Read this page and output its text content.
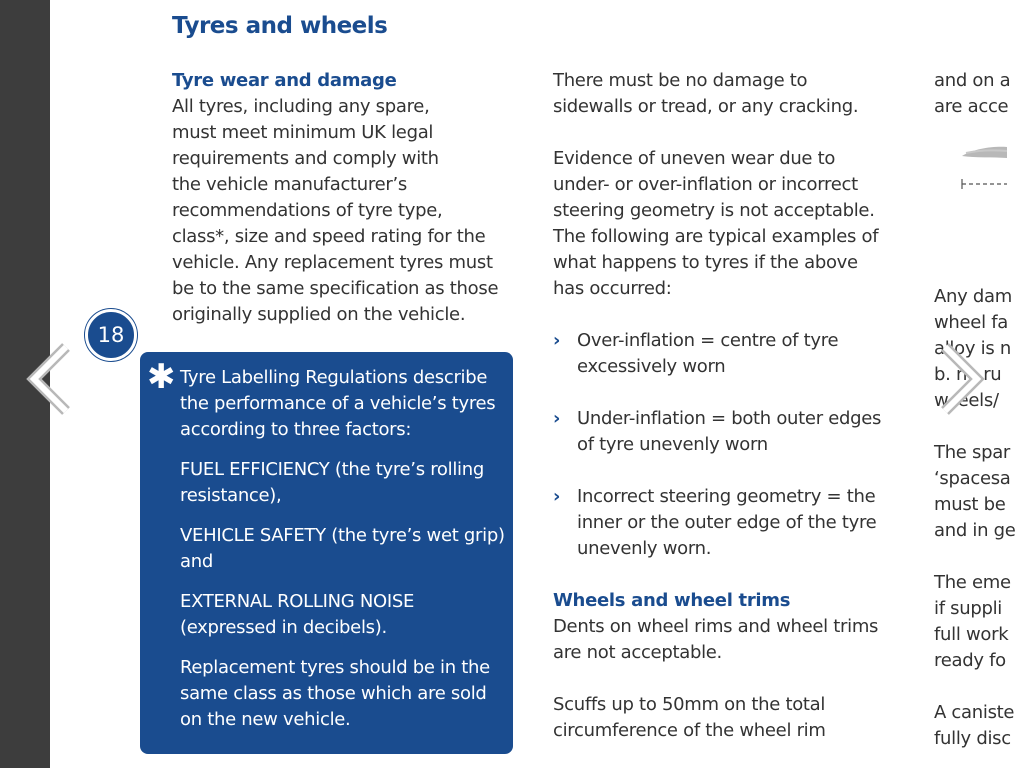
Tyres and wheels

Tyre wear and damage

All tyres, including any spare,

must meet minimum UK legal

requirements and comply with

the vehicle manufacturer’s

recommendations of tyre type,

class*, size and speed rating for the

vehicle. Any replacement tyres must

be to the same specification as those

originally supplied on the vehicle.

18
✱ Tyre Labelling Regulations describe the performance of a vehicle’s tyres according to three factors:

FUEL EFFICIENCY (the tyre’s rolling resistance),

VEHICLE SAFETY (the tyre’s wet grip) and

EXTERNAL ROLLING NOISE (expressed in decibels).

Replacement tyres should be in the same class as those which are sold on the new vehicle.

There must be no damage to

sidewalls or tread, or any cracking.

Evidence of uneven wear due to

under- or over-inflation or incorrect

steering geometry is not acceptable.

The following are typical examples of

what happens to tyres if the above

has occurred:

› Over-inflation = centre of tyre

excessively worn

› Under-inflation = both outer edges

of tyre unevenly worn

› Incorrect steering geometry = the

inner or the outer edge of the tyre

unevenly worn.

Wheels and wheel trims

Dents on wheel rims and wheel trims

are not acceptable.

Scuffs up to 50mm on the total

circumference of the wheel rim

and on a

are acce

Any dam

wheel fa

alloy is n

b. no ru

w. eels/

The spar

‘spacesa

must be

and in ge

The eme

if suppli

full work

ready fo

A caniste

fully disc
